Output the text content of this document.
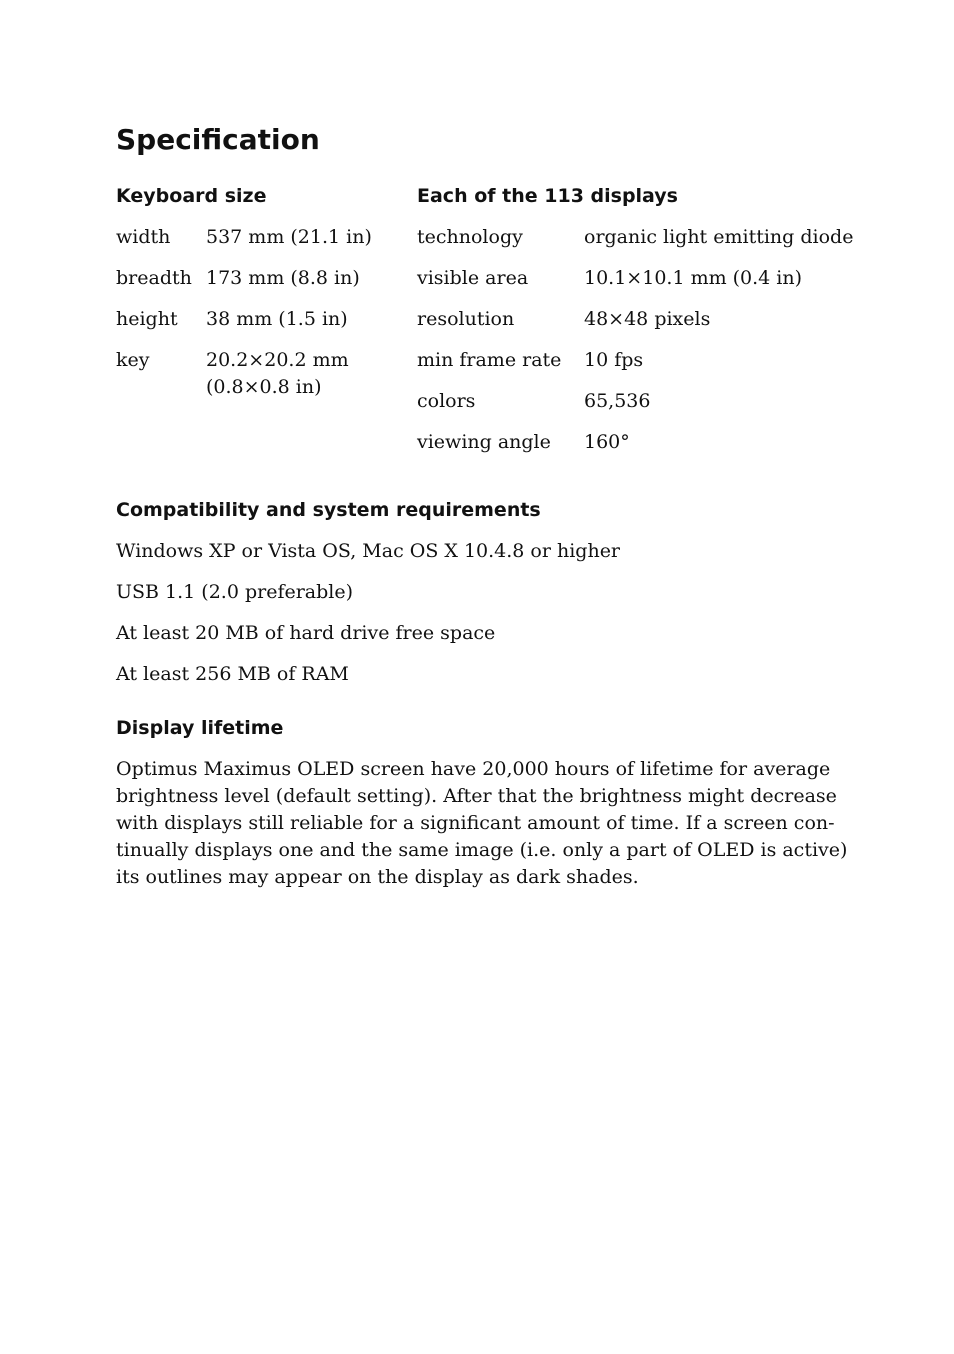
Specification
Keyboard size
width 537 mm (21.1 in)
breadth 173 mm (8.8 in)
height 38 mm (1.5 in)
key	20.2×20.2 mm
(0.8×0.8 in)
Each of the 113 displays
technology	organic light emitting diode
visible area	10.1×10.1 mm (0.4 in)
resolution	48×48 pixels
min frame rate 10 fps
colors	65,536
viewing angle 160°
Compatibility and system requirements
Windows XP or Vista OS, Mac OS X 10.4.8 or higher
USB 1.1 (2.0 preferable)
At least 20 MB of hard drive free space
At least 256 MB of RAM
Display lifetime

Optimus Maximus OLED screen have 20,000 hours of lifetime for average
brightness level (default setting). After that the brightness might decrease
with displays still reliable for a significant amount of time. If a screen con-
tinually displays one and the same image (i.e. only a part of OLED is active)
its outlines may appear on the display as dark shades.
